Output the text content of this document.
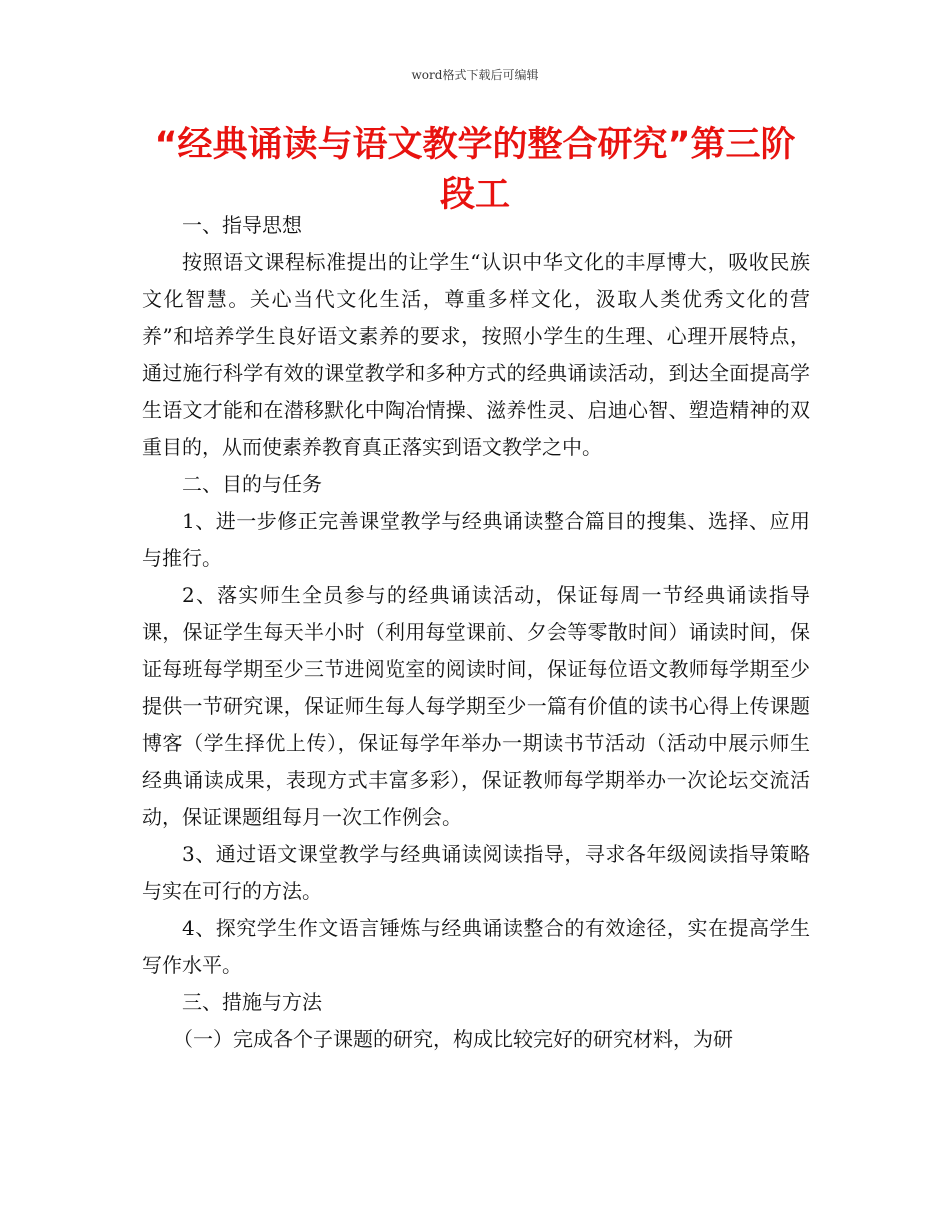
word格式下载后可编辑
“经典诵读与语文教学的整合研究”第三阶段工

一、指导思想

按照语文课程标准提出的让学生“认识中华文化的丰厚博大，吸收民族文化智慧。关心当代文化生活，尊重多样文化，汲取人类优秀文化的营养”和培养学生良好语文素养的要求，按照小学生的生理、心理开展特点，通过施行科学有效的课堂教学和多种方式的经典诵读活动，到达全面提高学生语文才能和在潜移默化中陶冶情操、滋养性灵、启迪心智、塑造精神的双重目的，从而使素养教育真正落实到语文教学之中。

二、目的与任务

1、进一步修正完善课堂教学与经典诵读整合篇目的搜集、选择、应用与推行。

2、落实师生全员参与的经典诵读活动，保证每周一节经典诵读指导课，保证学生每天半小时（利用每堂课前、夕会等零散时间）诵读时间，保证每班每学期至少三节进阅览室的阅读时间，保证每位语文教师每学期至少提供一节研究课，保证师生每人每学期至少一篇有价值的读书心得上传课题博客（学生择优上传），保证每学年举办一期读书节活动（活动中展示师生经典诵读成果，表现方式丰富多彩），保证教师每学期举办一次论坛交流活动，保证课题组每月一次工作例会。

3、通过语文课堂教学与经典诵读阅读指导，寻求各年级阅读指导策略与实在可行的方法。

4、探究学生作文语言锤炼与经典诵读整合的有效途径，实在提高学生写作水平。

三、措施与方法

（一）完成各个子课题的研究，构成比较完好的研究材料，为研
